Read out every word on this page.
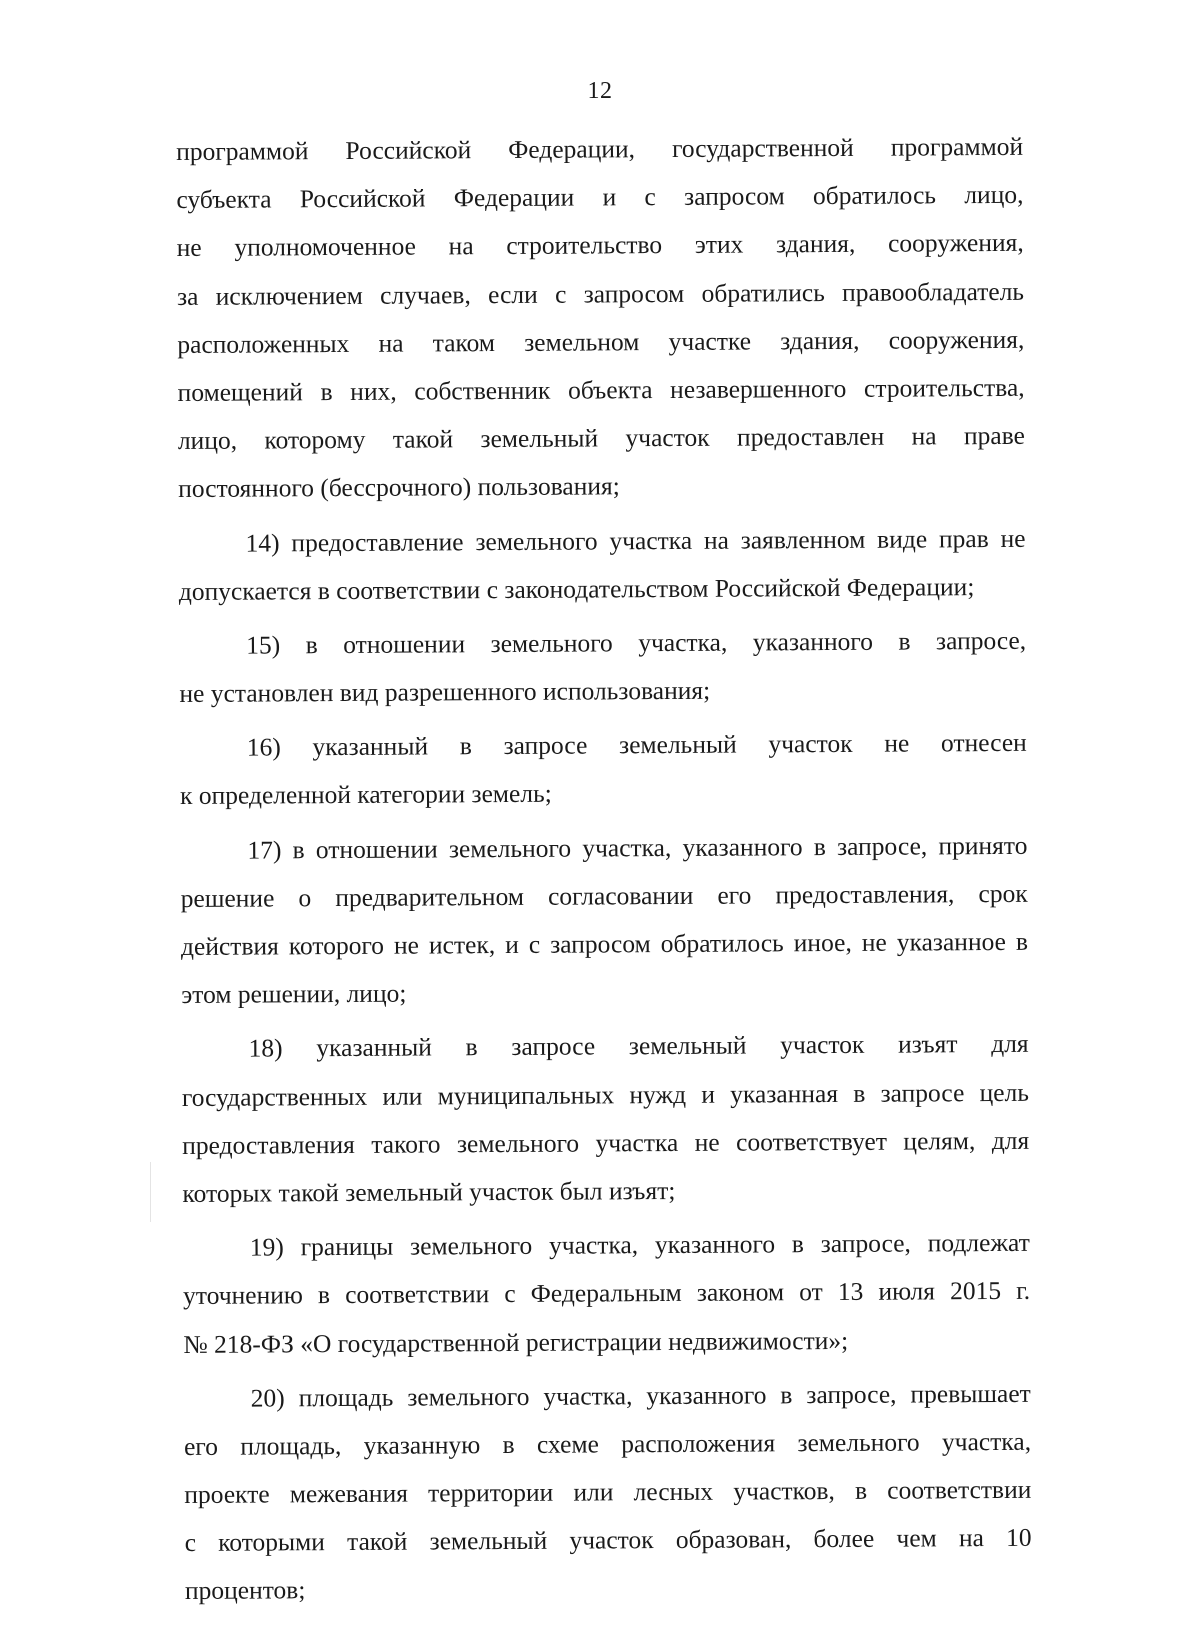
12
программой Российской Федерации, государственной программой
субъекта Российской Федерации и с запросом обратилось лицо,
не уполномоченное на строительство этих здания, сооружения,
за исключением случаев, если с запросом обратились правообладатель
расположенных на таком земельном участке здания, сооружения,
помещений в них, собственник объекта незавершенного строительства,
лицо, которому такой земельный участок предоставлен на праве
постоянного (бессрочного) пользования;
14) предоставление земельного участка на заявленном виде прав не
допускается в соответствии с законодательством Российской Федерации;
15) в отношении земельного участка, указанного в запросе,
не установлен вид разрешенного использования;
16) указанный в запросе земельный участок не отнесен
к определенной категории земель;
17) в отношении земельного участка, указанного в запросе, принято
решение о предварительном согласовании его предоставления, срок
действия которого не истек, и с запросом обратилось иное, не указанное в
этом решении, лицо;
18) указанный в запросе земельный участок изъят для
государственных или муниципальных нужд и указанная в запросе цель
предоставления такого земельного участка не соответствует целям, для
которых такой земельный участок был изъят;
19) границы земельного участка, указанного в запросе, подлежат
уточнению в соответствии с Федеральным законом от 13 июля 2015 г.
№ 218-ФЗ «О государственной регистрации недвижимости»;
20) площадь земельного участка, указанного в запросе, превышает
его площадь, указанную в схеме расположения земельного участка,
проекте межевания территории или лесных участков, в соответствии
с которыми такой земельный участок образован, более чем на 10
процентов;
